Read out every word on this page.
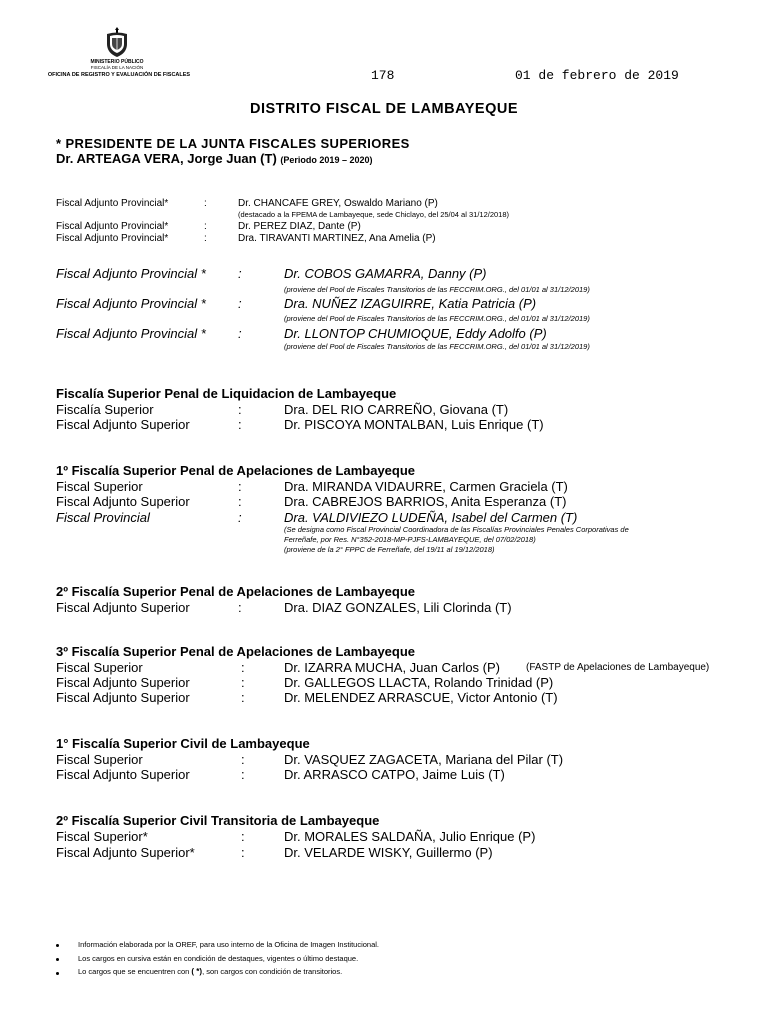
MINISTERIO PÚBLICO
FISCALÍA DE LA NACIÓN
OFICINA DE REGISTRO Y EVALUACIÓN DE FISCALES	178	01 de febrero de 2019
DISTRITO FISCAL DE LAMBAYEQUE
* PRESIDENTE DE LA JUNTA FISCALES SUPERIORES
Dr. ARTEAGA VERA, Jorge Juan (T) (Periodo 2019 – 2020)
Fiscal Adjunto Provincial*	:	Dr. CHANCAFE GREY, Oswaldo Mariano (P)
(destacado a la FPEMA de Lambayeque, sede Chiclayo, del 25/04 al 31/12/2018)
Fiscal Adjunto Provincial*	:	Dr. PEREZ DIAZ, Dante (P)
Fiscal Adjunto Provincial*	:	Dra. TIRAVANTI MARTINEZ, Ana Amelia (P)
Fiscal Adjunto Provincial * :	Dr. COBOS GAMARRA, Danny (P)
(proviene del Pool de Fiscales Transitorios de las FECCRIM.ORG., del 01/01 al 31/12/2019)
Fiscal Adjunto Provincial * :	Dra. NUÑEZ IZAGUIRRE, Katia Patricia (P)
(proviene del Pool de Fiscales Transitorios de las FECCRIM.ORG., del 01/01 al 31/12/2019)
Fiscal Adjunto Provincial * :	Dr. LLONTOP CHUMIOQUE, Eddy Adolfo (P)
(proviene del Pool de Fiscales Transitorios de las FECCRIM.ORG., del 01/01 al 31/12/2019)
Fiscalía Superior Penal de Liquidacion de Lambayeque
Fiscalía Superior	:	Dra. DEL RIO CARREÑO, Giovana (T)
Fiscal Adjunto Superior	:	Dr. PISCOYA MONTALBAN, Luis Enrique (T)
1º Fiscalía Superior Penal de Apelaciones de Lambayeque
Fiscal Superior	:	Dra. MIRANDA VIDAURRE, Carmen Graciela (T)
Fiscal Adjunto Superior	:	Dra. CABREJOS BARRIOS, Anita Esperanza (T)
Fiscal Provincial	:	Dra. VALDIVIEZO LUDEÑA, Isabel del Carmen (T)
(Se designa como Fiscal Provincial Coordinadora de las Fiscalías Provinciales Penales Corporativas de
Ferreñafe, por Res. N°352-2018-MP-PJFS-LAMBAYEQUE, del 07/02/2018)
(proviene de la 2° FPPC de Ferreñafe, del 19/11 al 19/12/2018)
2º Fiscalía Superior Penal de Apelaciones de Lambayeque
Fiscal Adjunto Superior	:	Dra. DIAZ GONZALES, Lili Clorinda (T)
3º Fiscalía Superior Penal de Apelaciones de Lambayeque
Fiscal Superior	:	Dr. IZARRA MUCHA, Juan Carlos (P)	(FASTP de Apelaciones de Lambayeque)
Fiscal Adjunto Superior	:	Dr. GALLEGOS LLACTA, Rolando Trinidad (P)
Fiscal Adjunto Superior	:	Dr. MELENDEZ ARRASCUE, Victor Antonio (T)
1° Fiscalía Superior Civil de Lambayeque
Fiscal Superior	:	Dr. VASQUEZ ZAGACETA, Mariana del Pilar (T)
Fiscal Adjunto Superior	:	Dr. ARRASCO CATPO, Jaime Luis (T)
2º Fiscalía Superior Civil Transitoria de Lambayeque
Fiscal Superior*	:	Dr. MORALES SALDAÑA, Julio Enrique (P)
Fiscal Adjunto Superior*	:	Dr. VELARDE WISKY, Guillermo (P)
Información elaborada por la OREF, para uso interno de la Oficina de Imagen Institucional.
Los cargos en cursiva están en condición de destaques, vigentes o último destaque.
Lo cargos que se encuentren con ( *), son cargos con condición de transitorios.
